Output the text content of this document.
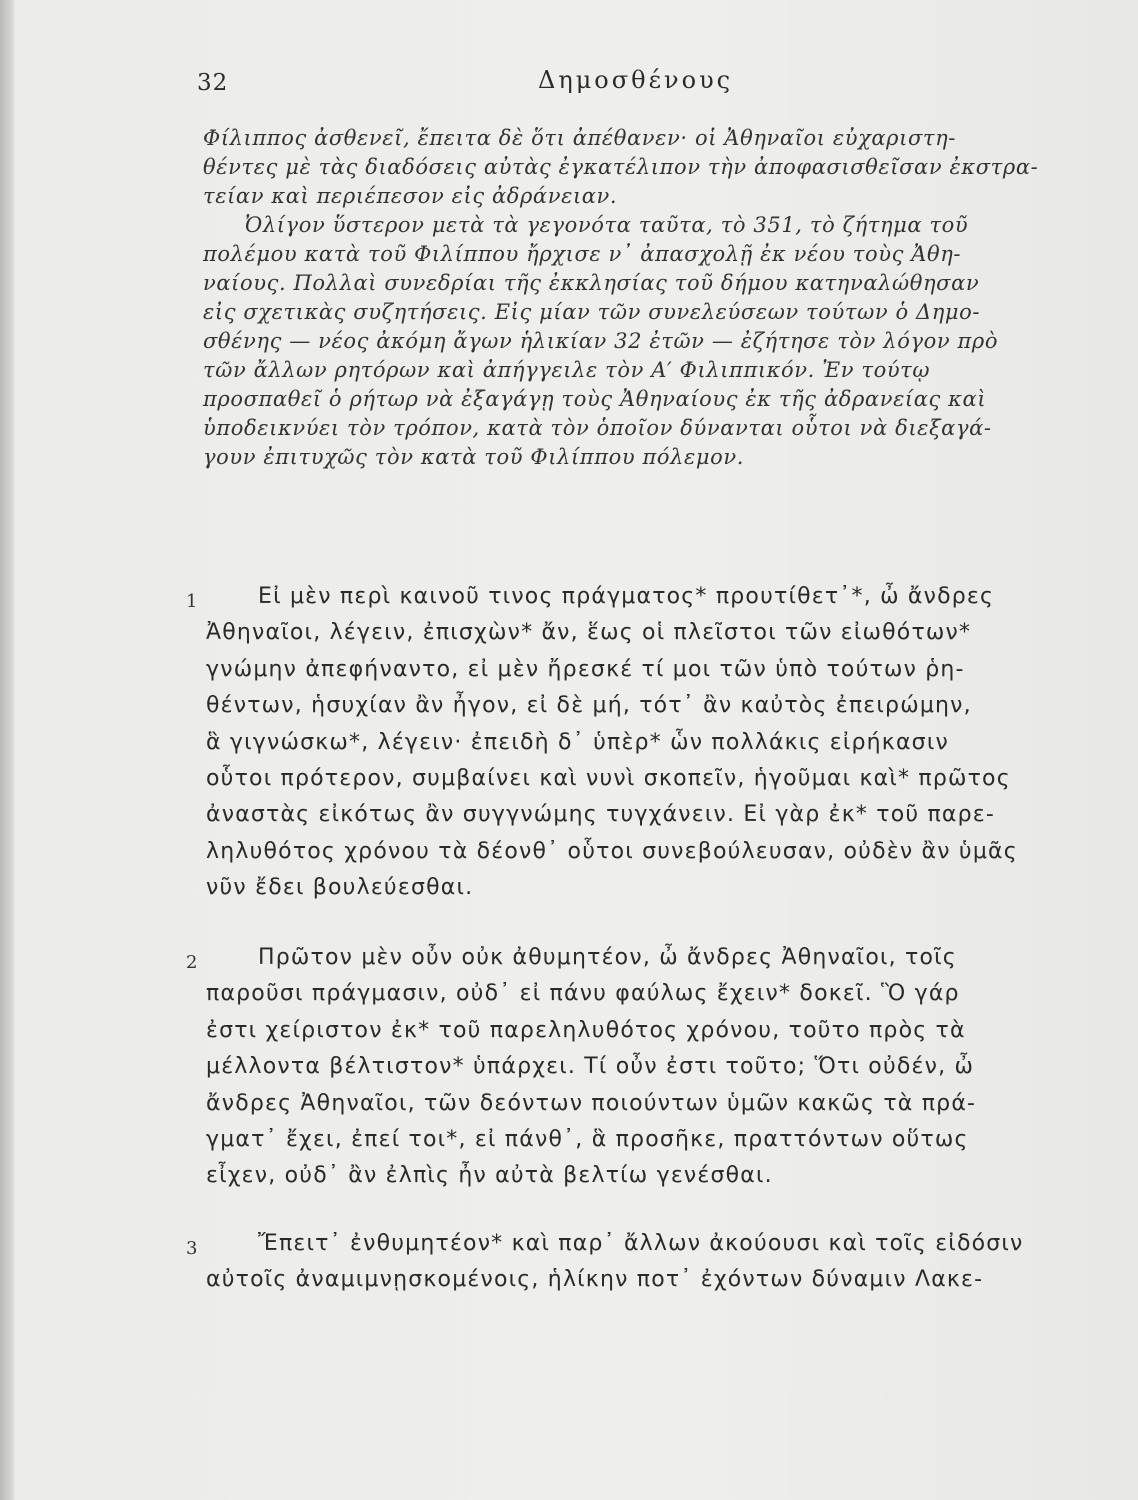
32	Δημοσθένους

Φίλιππος ἀσθενεῖ, ἔπειτα δὲ ὅτι ἀπέθανεν· οἱ Ἀθηναῖοι εὐχαριστη-
θέντες μὲ τὰς διαδόσεις αὐτὰς ἐγκατέλιπον τὴν ἀποφασισθεῖσαν ἐκστρα-
τείαν καὶ περιέπεσον εἰς ἀδράνειαν.

Ὀλίγον ὕστερον μετὰ τὰ γεγονότα ταῦτα, τὸ 351, τὸ ζήτημα τοῦ
πολέμου κατὰ τοῦ Φιλίππου ἤρχισε ν᾽ ἀπασχολῇ ἐκ νέου τοὺς Ἀθη-
ναίους. Πολλαὶ συνεδρίαι τῆς ἐκκλησίας τοῦ δήμου κατηναλώθησαν
εἰς σχετικὰς συζητήσεις. Εἰς μίαν τῶν συνελεύσεων τούτων ὁ Δημο-
σθένης — νέος ἀκόμη ἄγων ἡλικίαν 32 ἐτῶν — ἐζήτησε τὸν λόγον πρὸ
τῶν ἄλλων ρητόρων καὶ ἀπήγγειλε τὸν Α′ Φιλιππικόν. Ἐν τούτῳ
προσπαθεῖ ὁ ρήτωρ νὰ ἐξαγάγῃ τοὺς Ἀθηναίους ἐκ τῆς ἀδρανείας καὶ
ὑποδεικνύει τὸν τρόπον, κατὰ τὸν ὁποῖον δύνανται οὗτοι νὰ διεξαγά-
γουν ἐπιτυχῶς τὸν κατὰ τοῦ Φιλίππου πόλεμον.

1	Εἰ μὲν περὶ καινοῦ τινος πράγματος* προυτίθετ᾽*, ὦ ἄνδρες
Ἀθηναῖοι, λέγειν, ἐπισχὼν* ἄν, ἕως οἱ πλεῖστοι τῶν εἰωθότων*
γνώμην ἀπεφήναντο, εἰ μὲν ἤρεσκέ τί μοι τῶν ὑπὸ τούτων ῥη-
θέντων, ἡσυχίαν ἂν ἦγον, εἰ δὲ μή, τότ᾽ ἂν καὐτὸς ἐπειρώμην,
ἃ γιγνώσκω*, λέγειν· ἐπειδὴ δ᾽ ὑπὲρ* ὧν πολλάκις εἰρήκασιν
οὗτοι πρότερον, συμβαίνει καὶ νυνὶ σκοπεῖν, ἡγοῦμαι καὶ* πρῶτος
ἀναστὰς εἰκότως ἂν συγγνώμης τυγχάνειν. Εἰ γὰρ ἐκ* τοῦ παρε-
ληλυθότος χρόνου τὰ δέονθ᾽ οὗτοι συνεβούλευσαν, οὐδὲν ἂν ὑμᾶς
νῦν ἔδει βουλεύεσθαι.
2	Πρῶτον μὲν οὖν οὐκ ἀθυμητέον, ὦ ἄνδρες Ἀθηναῖοι, τοῖς
παροῦσι πράγμασιν, οὐδ᾽ εἰ πάνυ φαύλως ἔχειν* δοκεῖ. Ὃ γάρ
ἐστι χείριστον ἐκ* τοῦ παρεληλυθότος χρόνου, τοῦτο πρὸς τὰ
μέλλοντα βέλτιστον* ὑπάρχει. Τί οὖν ἐστι τοῦτο; Ὅτι οὐδέν, ὦ
ἄνδρες Ἀθηναῖοι, τῶν δεόντων ποιούντων ὑμῶν κακῶς τὰ πρά-
γματ᾽ ἔχει, ἐπεί τοι*, εἰ πάνθ᾽, ἃ προσῆκε, πραττόντων οὕτως
εἶχεν, οὐδ᾽ ἂν ἐλπὶς ἦν αὐτὰ βελτίω γενέσθαι.
3	Ἔπειτ᾽ ἐνθυμητέον* καὶ παρ᾽ ἄλλων ἀκούουσι καὶ τοῖς εἰδόσιν
αὐτοῖς ἀναμιμνῃσκομένοις, ἡλίκην ποτ᾽ ἐχόντων δύναμιν Λακε-
